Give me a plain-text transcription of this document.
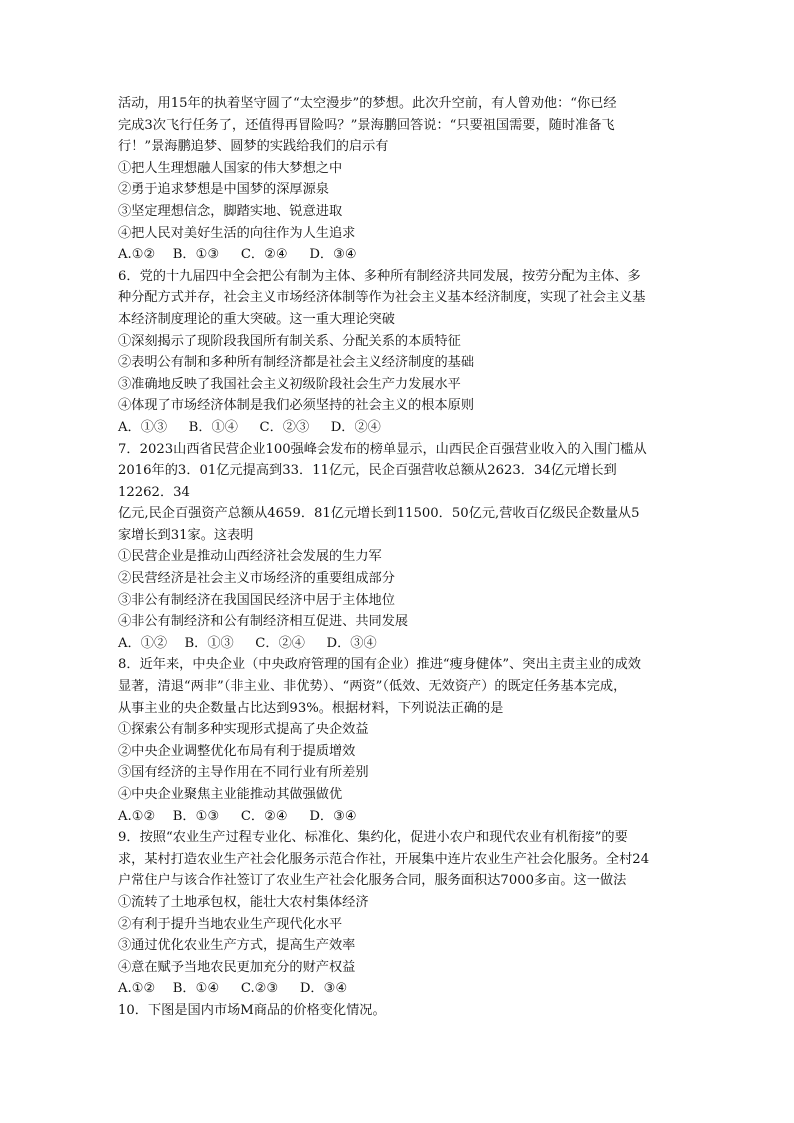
活动，用15年的执着坚守圆了“太空漫步”的梦想。此次升空前，有人曾劝他：“你已经
完成3次飞行任务了，还值得再冒险吗？”景海鹏回答说：“只要祖国需要，随时准备飞
行！”景海鹏追梦、圆梦的实践给我们的启示有
①把人生理想融人国家的伟大梦想之中
②勇于追求梦想是中国梦的深厚源泉
③坚定理想信念，脚踏实地、锐意进取
④把人民对美好生活的向往作为人生追求
A.①②　 B．①③ 　 C．②④ 　 D．③④
6．党的十九届四中全会把公有制为主体、多种所有制经济共同发展，按劳分配为主体、多
种分配方式并存，社会主义市场经济体制等作为社会主义基本经济制度，实现了社会主义基
本经济制度理论的重大突破。这一重大理论突破
①深刻揭示了现阶段我国所有制关系、分配关系的本质特征
②表明公有制和多种所有制经济都是社会主义经济制度的基础
③准确地反映了我国社会主义初级阶段社会生产力发展水平
④体现了市场经济体制是我们必须坚持的社会主义的根本原则
A．①③ 　 B．①④ 　 C．②③ 　 D．②④
7．2023山西省民营企业100强峰会发布的榜单显示，山西民企百强营业收入的入围门槛从
2016年的3．01亿元提高到33．11亿元，民企百强营收总额从2623．34亿元增长到
12262．34
亿元,民企百强资产总额从4659．81亿元增长到11500．50亿元,营收百亿级民企数量从5
家增长到31家。这表明
①民营企业是推动山西经济社会发展的生力军
②民营经济是社会主义市场经济的重要组成部分
③非公有制经济在我国国民经济中居于主体地位
④非公有制经济和公有制经济相互促进、共同发展
A．①②　 B．①③ 　 C．②④ 　 D．③④
8．近年来，中央企业（中央政府管理的国有企业）推进“瘦身健体”、突出主责主业的成效
显著，清退“两非”（非主业、非优势）、“两资”（低效、无效资产）的既定任务基本完成，
从事主业的央企数量占比达到93%。根据材料，下列说法正确的是
①探索公有制多种实现形式提高了央企效益
②中央企业调整优化布局有利于提质增效
③国有经济的主导作用在不同行业有所差别
④中央企业聚焦主业能推动其做强做优
A.①②　 B．①③ 　 C．②④ 　 D．③④
9．按照“农业生产过程专业化、标准化、集约化，促进小农户和现代农业有机衔接”的要
求，某村打造农业生产社会化服务示范合作社，开展集中连片农业生产社会化服务。全村24
户常住户与该合作社签订了农业生产社会化服务合同，服务面积达7000多亩。这一做法
①流转了土地承包权，能壮大农村集体经济
②有利于提升当地农业生产现代化水平
③通过优化农业生产方式，提高生产效率
④意在赋予当地农民更加充分的财产权益
A.①②　 B．①④ 　 C.②③ 　 D．③④
10．下图是国内市场M商品的价格变化情况。
